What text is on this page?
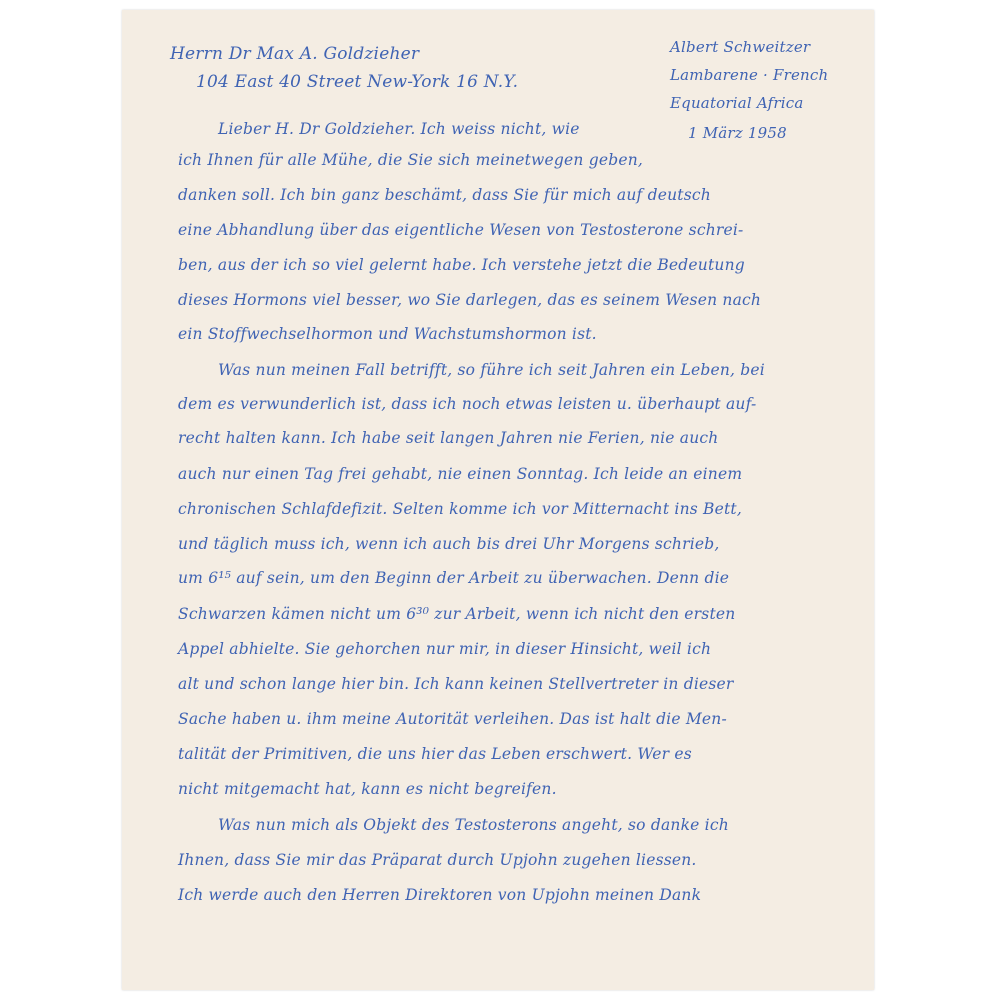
Herrn Dr Max A. Goldzieher

104 East 40 Street New-York 16 N.Y.

Albert Schweitzer

Lambarene · French

Equatorial Africa

1 März 1958

Lieber H. Dr Goldzieher. Ich weiss nicht, wie

ich Ihnen für alle Mühe, die Sie sich meinetwegen geben,

danken soll. Ich bin ganz beschämt, dass Sie für mich auf deutsch

eine Abhandlung über das eigentliche Wesen von Testosterone schrei-

ben, aus der ich so viel gelernt habe. Ich verstehe jetzt die Bedeutung

dieses Hormons viel besser, wo Sie darlegen, das es seinem Wesen nach

ein Stoffwechselhormon und Wachstumshormon ist.

Was nun meinen Fall betrifft, so führe ich seit Jahren ein Leben, bei

dem es verwunderlich ist, dass ich noch etwas leisten u. überhaupt auf-

recht halten kann. Ich habe seit langen Jahren nie Ferien, nie auch

auch nur einen Tag frei gehabt, nie einen Sonntag. Ich leide an einem

chronischen Schlafdefizit. Selten komme ich vor Mitternacht ins Bett,

und täglich muss ich, wenn ich auch bis drei Uhr Morgens schrieb,

um 6¹⁵ auf sein, um den Beginn der Arbeit zu überwachen. Denn die

Schwarzen kämen nicht um 6³⁰ zur Arbeit, wenn ich nicht den ersten

Appel abhielte. Sie gehorchen nur mir, in dieser Hinsicht, weil ich

alt und schon lange hier bin. Ich kann keinen Stellvertreter in dieser

Sache haben u. ihm meine Autorität verleihen. Das ist halt die Men-

talität der Primitiven, die uns hier das Leben erschwert. Wer es

nicht mitgemacht hat, kann es nicht begreifen.

Was nun mich als Objekt des Testosterons angeht, so danke ich

Ihnen, dass Sie mir das Präparat durch Upjohn zugehen liessen.

Ich werde auch den Herren Direktoren von Upjohn meinen Dank
